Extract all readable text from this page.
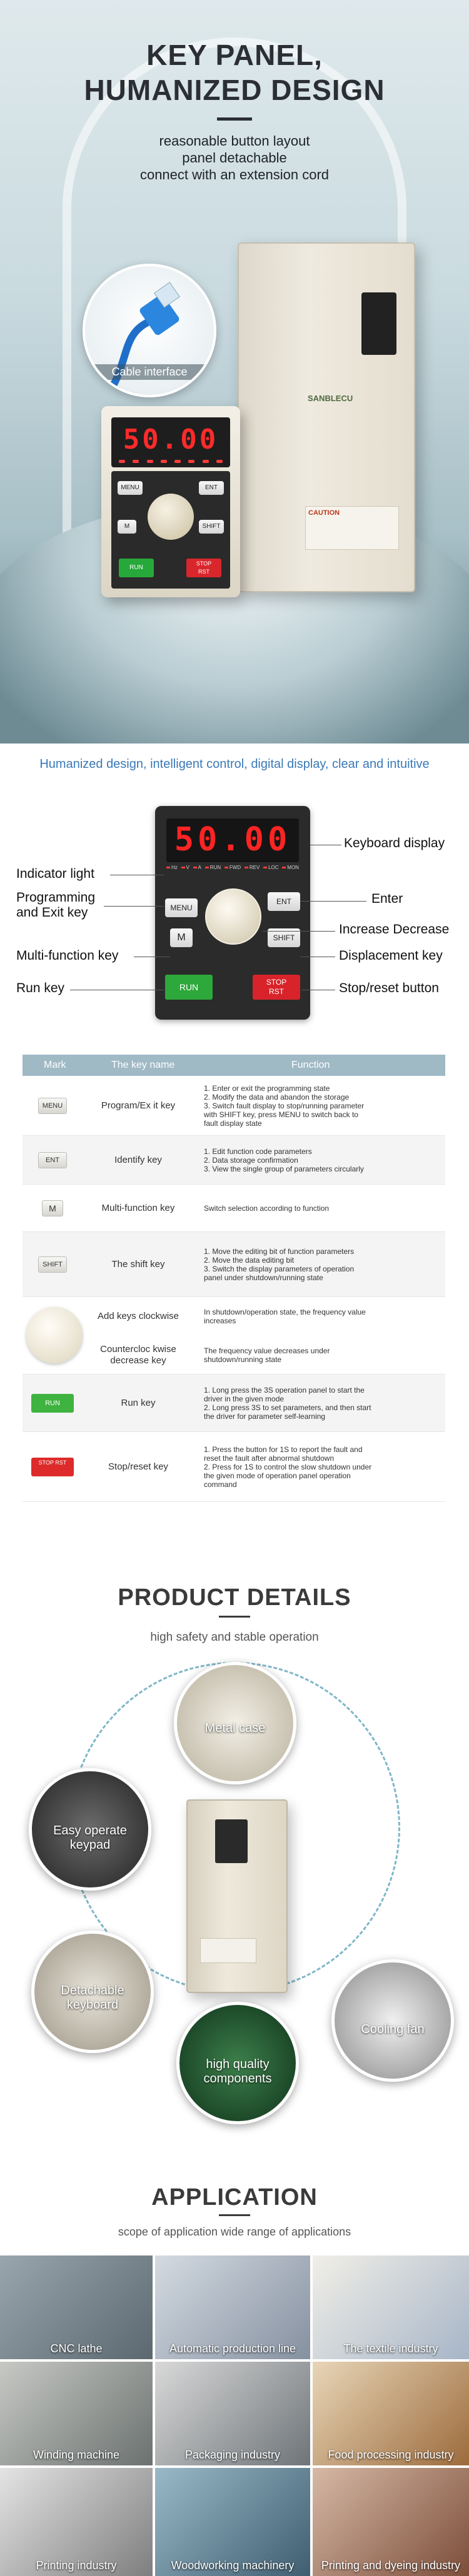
KEY PANEL,
HUMANIZED DESIGN
reasonable button layout
panel detachable
connect with an extension cord
SANBLECU
CAUTION
Cable interface
50.00
MENU	ENT
M	SHIFT
RUN
STOP
RST
Humanized design, intelligent control, digital display, clear and intuitive
50.00
Hz	V	A	RUN	FWD	REV	LOC	MON
MENU
ENT
M	SHIFT
RUN	STOP
RST
Keyboard display
Indicator light
Enter
Programming
and Exit key
Increase Decrease
Multi-function key	Displacement key
Run key	Stop/reset button
Mark	The key name	Function
MENU	Program/Ex it key
1. Enter or exit the programming state
2. Modify the data and abandon the storage
3. Switch fault display to stop/running parameter
with SHIFT key, press MENU to switch back to
fault display state
ENT	Identify key
1. Edit function code parameters
2. Data storage confirmation
3. View the single group of parameters circularly
M	Multi-function key	Switch selection according to function
SHIFT	The shift key
1. Move the editing bit of function parameters
2. Move the data editing bit
3. Switch the display parameters of operation
panel under shutdown/running state
Add keys clockwise	In shutdown/operation state, the frequency value
increases
Countercloc kwise decrease key
The frequency value decreases under
shutdown/running state
RUN	Run key
1. Long press the 3S operation panel to start the
driver in the given mode
2. Long press 3S to set parameters, and then start
the driver for parameter self-learning
STOP RST	Stop/reset key
1. Press the button for 1S to report the fault and
reset the fault after abnormal shutdown
2. Press for 1S to control the slow shutdown under
the given mode of operation panel operation
command
PRODUCT DETAILS
high safety and stable operation
Metal case
Easy operate
keypad
Detachable
keyboard
Cooling fan
high quality
components
APPLICATION
scope of application wide range of applications
CNC lathe	Automatic production line	The textile industry
Winding machine	Packaging industry	Food processing industry
Printing industry	Woodworking machinery	Printing and dyeing industry
